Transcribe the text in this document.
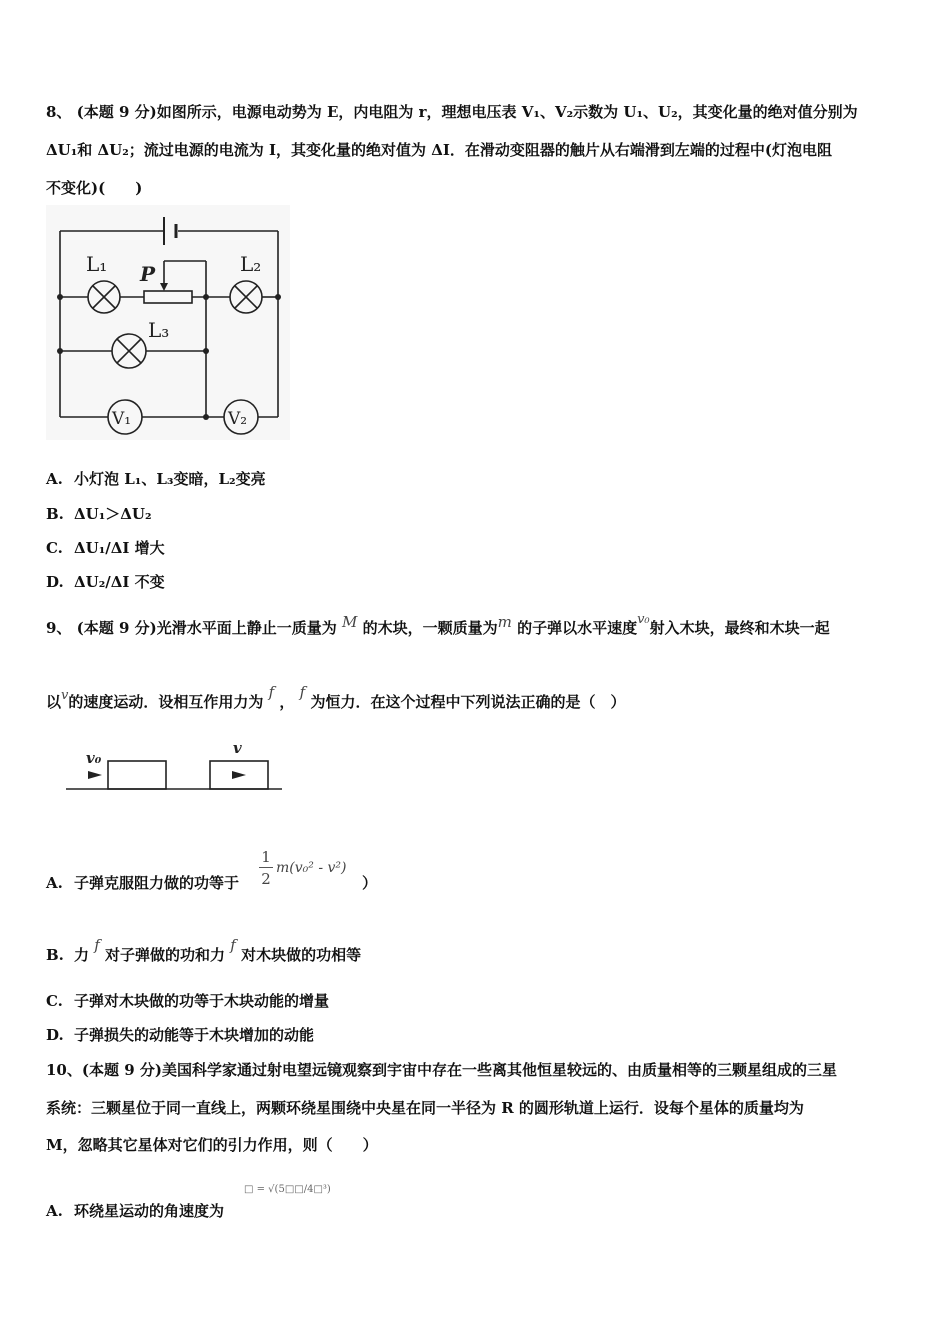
8、 (本题 9 分)如图所示，电源电动势为 E，内电阻为 r，理想电压表 V₁、V₂示数为 U₁、U₂，其变化量的绝对值分别为
ΔU₁和 ΔU₂；流过电源的电流为 I，其变化量的绝对值为 ΔI．在滑动变阻器的触片从右端滑到左端的过程中(灯泡电阻
不变化)(　　)
L₁ P	L₂
L₃
V₁	V₂
A. 小灯泡 L₁、L₃变暗，L₂变亮
B. ΔU₁＞ΔU₂
C. ΔU₁/ΔI 增大
D. ΔU₂/ΔI 不变
9、 (本题 9 分)光滑水平面上静止一质量为 M 的木块，一颗质量为m 的子弹以水平速度v₀射入木块，最终和木块一起
以v的速度运动．设相互作用力为 f ， f 为恒力．在这个过程中下列说法正确的是（　）
v₀
v
A. 子弹克服阻力做的功等于
1
2
m(v₀² - v²)
）
B. 力 f 对子弹做的功和力 f 对木块做的功相等
C. 子弹对木块做的功等于木块动能的增量
D. 子弹损失的动能等于木块增加的动能
10、(本题 9 分)美国科学家通过射电望远镜观察到宇宙中存在一些离其他恒星较远的、由质量相等的三颗星组成的三星
系统：三颗星位于同一直线上，两颗环绕星围绕中央星在同一半径为 R 的圆形轨道上运行．设每个星体的质量均为
M，忽略其它星体对它们的引力作用，则（　　）
A. 环绕星运动的角速度为
□ = √(5□□/4□³)
